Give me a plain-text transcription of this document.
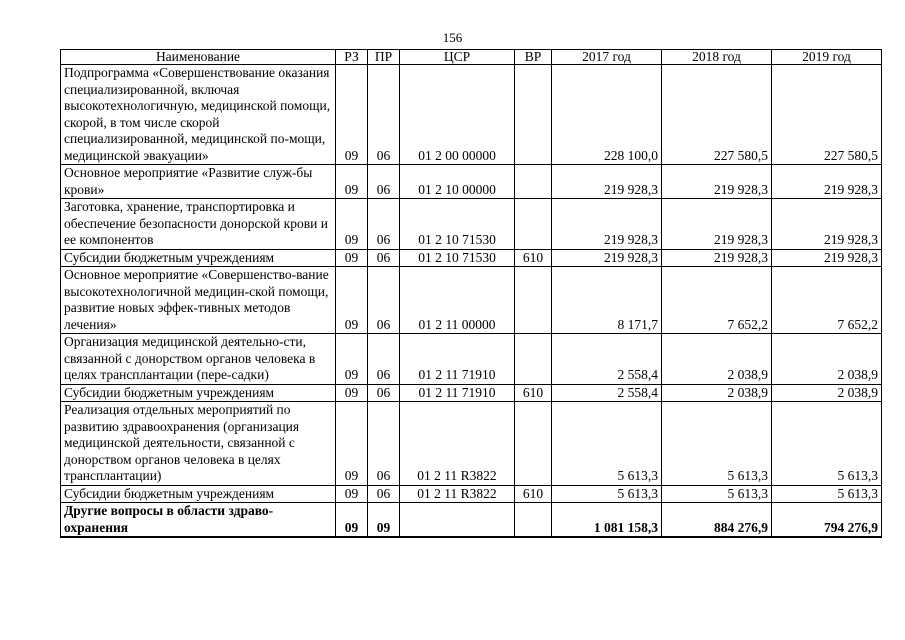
156
Наименование	РЗ	ПР	ЦСР	ВР	2017 год	2018 год	2019 год
Подпрограмма «Совершенствование оказания специализированной, включая высокотехнологичную, медицинской помощи, скорой, в том числе скорой специализированной, медицинской по-мощи, медицинской эвакуации»	09	06	01 2 00 00000		228 100,0	227 580,5	227 580,5
Основное мероприятие «Развитие служ-бы крови»	09	06	01 2 10 00000		219 928,3	219 928,3	219 928,3
Заготовка, хранение, транспортировка и обеспечение безопасности донорской крови и ее компонентов	09	06	01 2 10 71530		219 928,3	219 928,3	219 928,3
Субсидии бюджетным учреждениям	09	06	01 2 10 71530	610	219 928,3	219 928,3	219 928,3
Основное мероприятие «Совершенство-вание высокотехнологичной медицин-ской помощи, развитие новых эффек-тивных методов лечения»	09	06	01 2 11 00000		8 171,7	7 652,2	7 652,2
Организация медицинской деятельно-сти, связанной с донорством органов человека в целях трансплантации (пере-садки)	09	06	01 2 11 71910		2 558,4	2 038,9	2 038,9
Субсидии бюджетным учреждениям	09	06	01 2 11 71910	610	2 558,4	2 038,9	2 038,9
Реализация отдельных мероприятий по развитию здравоохранения (организация медицинской деятельности, связанной с донорством органов человека в целях трансплантации)	09	06	01 2 11 R3822		5 613,3	5 613,3	5 613,3
Субсидии бюджетным учреждениям	09	06	01 2 11 R3822	610	5 613,3	5 613,3	5 613,3
Другие вопросы в области здраво-охранения	09	09			1 081 158,3	884 276,9	794 276,9
